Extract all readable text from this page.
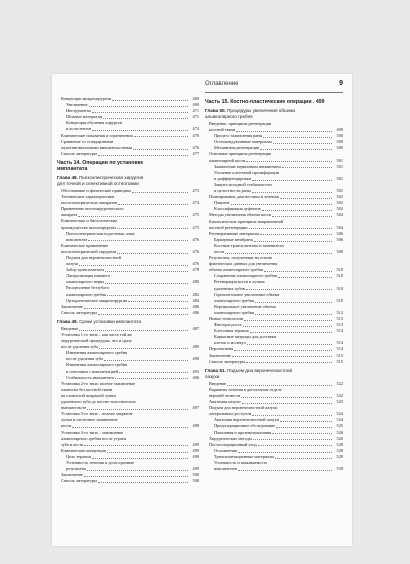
Оглавление	9
Концепции микрохирургии	469
Увеличение	469
Инструменты	471
Шовные материалы	471
Концепция обучения хирургов
и ассистентов	474
Клинические показания и ограничения	476
Сравнение со стандартными
мукогингивальными вмешательствами	476
Список литературы	477
Часть 14. Операции по установке
имплантата
Глава 48. Пьезоэлектрическая хирургия
для точной и селективной остеотомии
Обоснование и физические принципы	473
Технические характеристики
пьезоэлектрических аппаратов	474
Применение пьезохирургического
аппарата	475
Клинические и биологические
преимущества пьезохирургии	475
Пьезоэлектрическая подготовка ложа
имплантата	476
Клиническое применение
пьезоэлектрической хирургии	476
Подъем дна верхнечелюстной
пазухи	476
Забор трансплантата	478
Латерализация нижнего
альвеолярного нерва	480
Расщепление беззубого
альвеолярного гребня	482
Ортодонтическое микрохирургия	484
Заключение	486
Список литературы	486
Глава 49. Сроки установки имплантата
Введение	487
Установка 1-го типа – как часть той же
хирургической процедуры, что и сразу
после удаления зуба	489
Изменения альвеолярного гребня
после удаления зуба	490
Изменения альвеолярного гребня
в сочетании с имплантацией	493
Стабильность имплантата	496
Установка 2-го типа: полное заживление
альвеолы без костной ткани
на слизистой покрытой лунки
удаленного зуба до костно-пластических
вмешательств	497
Установка 3-го типа – полное закрытие
лунки и частичное заживление
кости	498
Установка 4-го типа – заживление
альвеолярного гребня после утраты
зуба и кости	499
Клинические концепции	499
Цель терапии	499
Успешность лечения и долгосрочные
результаты	499
Заключение	500
Список литературы	500
Часть 15. Костно-пластические операции . 499
Глава 50. Процедуры увеличения объема
альвеолярного гребня
Введение: принципы регенерации
костной ткани	499
Процесс заживления раны	500
Остеокондуктивные материалы	500
Механизмы регенерации	500
Основные принципы регенерации
альвеолярной кости	501
Заживление первичным натяжением	501
Усиление клеточной пролиферации
и дифференцировки	501
Защита исходной стабильности
и целостности раны	501
Планирование диагностики и лечения	502
Пациент	502
Классификация дефектов	502
Методы увеличения объема кости	504
Биологические принципы направленной
костной регенерации	504
Регенеративные материалы	506
Барьерные мембраны	506
Костные трансплантаты и заменители
кости	508
Результаты, полученные на основе
фактических данных для увеличения
объема альвеолярного гребня	510
Сохранение альвеолярного гребня	510
Регенерация кости в лунках
удаленных зубов	510
Горизонтальное увеличение объема
альвеолярного гребня	510
Вертикальное увеличение объема
альвеолярного гребня	512
Новые технологии	513
Факторы роста	513
Клеточная терапия	514
Каркасные матрицы для доставки
клеток и молекул	514
Перспективы	514
Заключение	515
Список литературы	515
Глава 51. Подъем дна верхнечелюстной
пазухи
Введение	522
Варианты лечения в дистальном отделе
верхней челюсти	522
Анатомия пазухи	523
Подъем дна верхнечелюстной пазухи
латеральным доступом	524
Анатомия верхнечелюстной пазухи	524
Предоперационное обследование	525
Показания и противопоказания	526
Хирургические методы	526
Послеоперационный уход	528
Осложнения	528
Трансплантационные материалы	529
Успешность и выживаемость
имплантатов	530
